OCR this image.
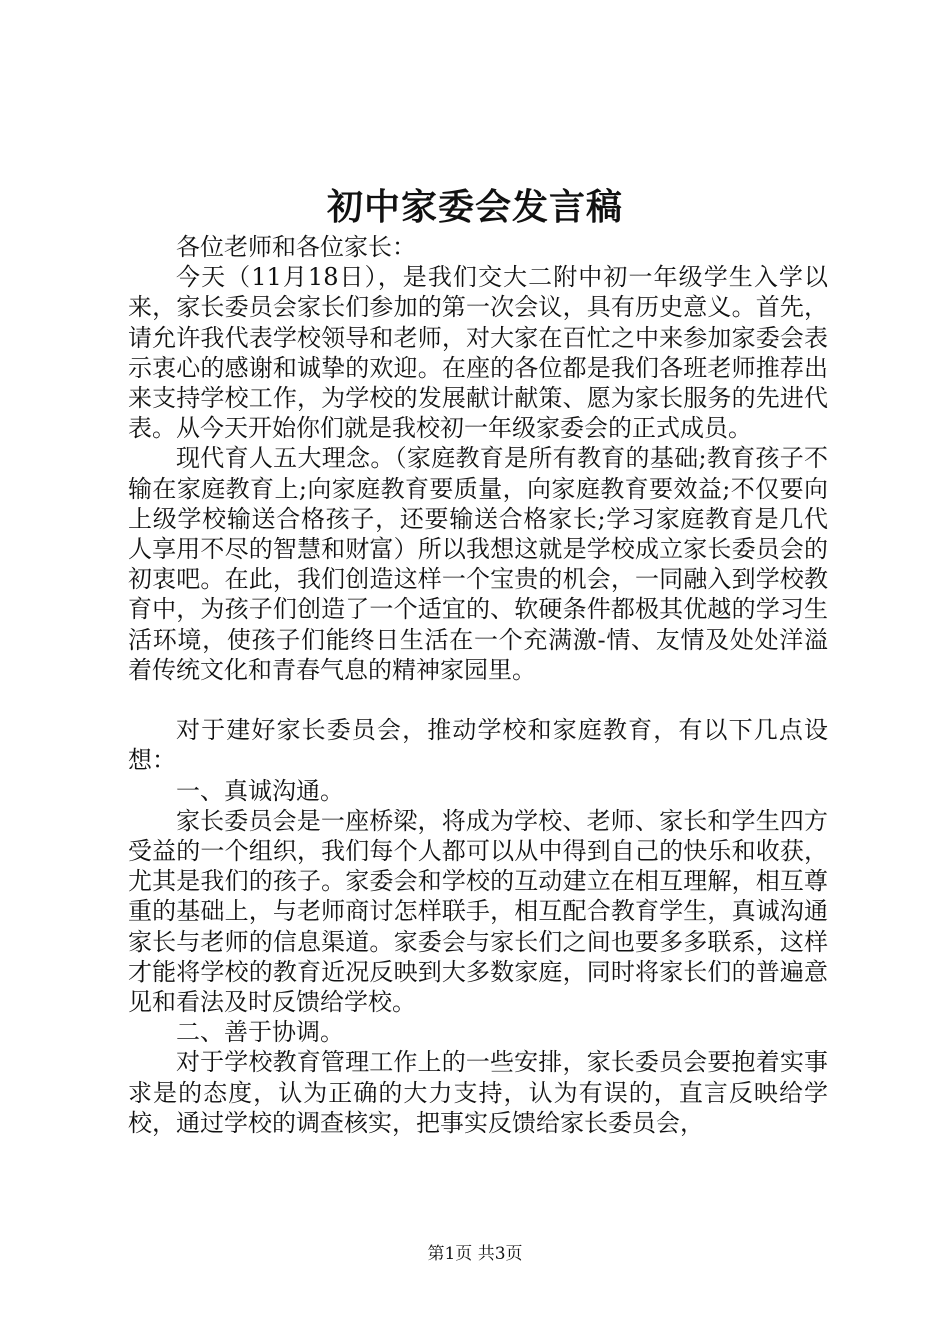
初中家委会发言稿

各位老师和各位家长：

今天（11月18日），是我们交大二附中初一年级学生入学以来，家长委员会家长们参加的第一次会议，具有历史意义。首先，请允许我代表学校领导和老师，对大家在百忙之中来参加家委会表示衷心的感谢和诚挚的欢迎。在座的各位都是我们各班老师推荐出来支持学校工作，为学校的发展献计献策、愿为家长服务的先进代表。从今天开始你们就是我校初一年级家委会的正式成员。

现代育人五大理念。（家庭教育是所有教育的基础;教育孩子不输在家庭教育上;向家庭教育要质量，向家庭教育要效益;不仅要向上级学校输送合格孩子，还要输送合格家长;学习家庭教育是几代人享用不尽的智慧和财富）所以我想这就是学校成立家长委员会的初衷吧。在此，我们创造这样一个宝贵的机会，一同融入到学校教育中，为孩子们创造了一个适宜的、软硬条件都极其优越的学习生活环境，使孩子们能终日生活在一个充满激-情、友情及处处洋溢着传统文化和青春气息的精神家园里。

对于建好家长委员会，推动学校和家庭教育，有以下几点设想：

一、真诚沟通。

家长委员会是一座桥梁，将成为学校、老师、家长和学生四方受益的一个组织，我们每个人都可以从中得到自己的快乐和收获，尤其是我们的孩子。家委会和学校的互动建立在相互理解，相互尊重的基础上，与老师商讨怎样联手，相互配合教育学生，真诚沟通家长与老师的信息渠道。家委会与家长们之间也要多多联系，这样才能将学校的教育近况反映到大多数家庭，同时将家长们的普遍意见和看法及时反馈给学校。

二、善于协调。

对于学校教育管理工作上的一些安排，家长委员会要抱着实事求是的态度，认为正确的大力支持，认为有误的，直言反映给学校，通过学校的调查核实，把事实反馈给家长委员会，

第1页 共3页
